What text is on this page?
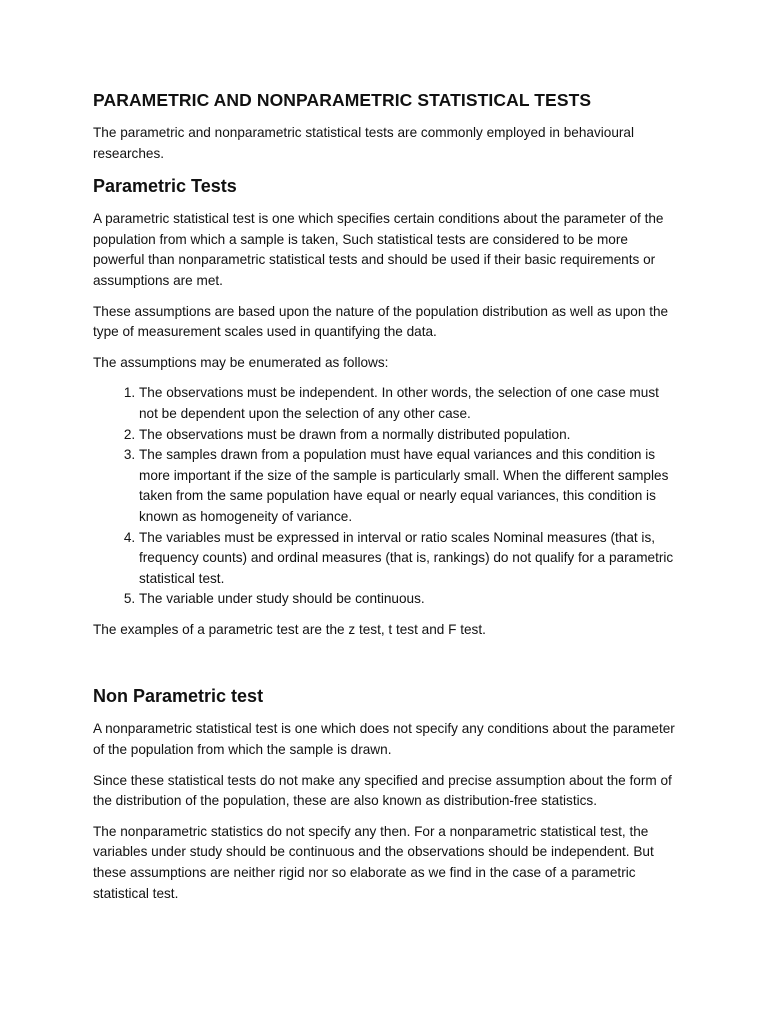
PARAMETRIC AND NONPARAMETRIC STATISTICAL TESTS

The parametric and nonparametric statistical tests are commonly employed in behavioural researches.

Parametric Tests

A parametric statistical test is one which specifies certain conditions about the parameter of the population from which a sample is taken, Such statistical tests are considered to be more powerful than nonparametric statistical tests and should be used if their basic requirements or assumptions are met.

These assumptions are based upon the nature of the population distribution as well as upon the type of measurement scales used in quantifying the data.

The assumptions may be enumerated as follows:

1. The observations must be independent. In other words, the selection of one case must not be dependent upon the selection of any other case.
2. The observations must be drawn from a normally distributed population.
3. The samples drawn from a population must have equal variances and this condition is more important if the size of the sample is particularly small. When the different samples taken from the same population have equal or nearly equal variances, this condition is known as homogeneity of variance.
4. The variables must be expressed in interval or ratio scales Nominal measures (that is, frequency counts) and ordinal measures (that is, rankings) do not qualify for a parametric statistical test.
5. The variable under study should be continuous.

The examples of a parametric test are the z test, t test and F test.

Non Parametric test

A nonparametric statistical test is one which does not specify any conditions about the parameter of the population from which the sample is drawn.

Since these statistical tests do not make any specified and precise assumption about the form of the distribution of the population, these are also known as distribution-free statistics.

The nonparametric statistics do not specify any then. For a nonparametric statistical test, the variables under study should be continuous and the observations should be independent. But these assumptions are neither rigid nor so elaborate as we find in the case of a parametric statistical test.
